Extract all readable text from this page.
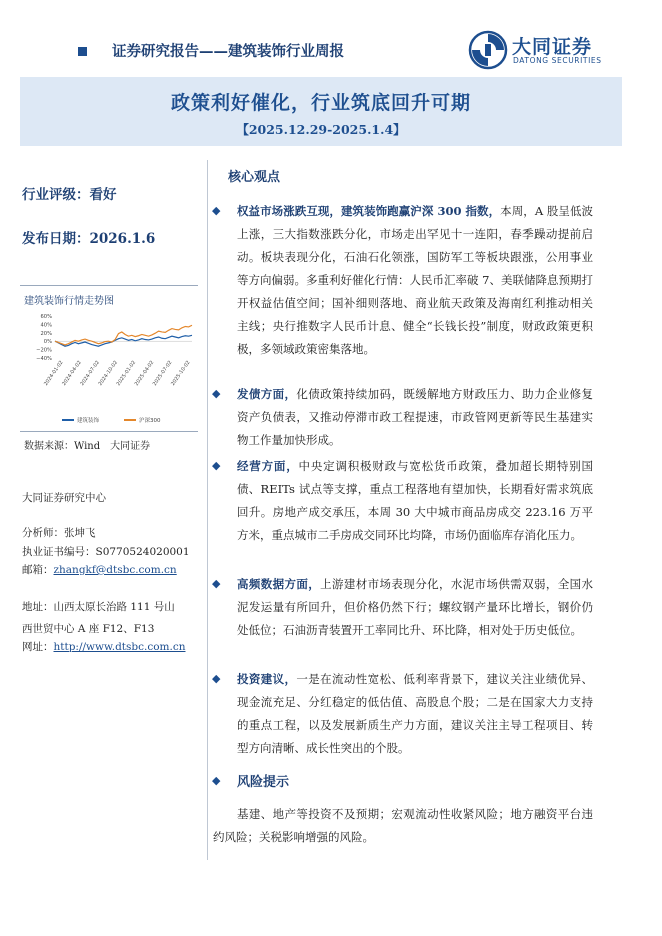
证券研究报告——建筑装饰行业周报	大同证券
DATONG SECURITIES
政策利好催化，行业筑底回升可期
【2025.12.29-2025.1.4】
行业评级：看好
发布日期：2026.1.6
建筑装饰行情走势图
60%
40%
20%
0%
−20%
−40%
2024-01-02
2024-04-02
2024-07-02
2024-10-02
2025-01-02
2025-04-02
2025-07-02
2025-10-02
建筑装饰	沪深300
数据来源：Wind　大同证券
大同证券研究中心
分析师：张坤飞
执业证书编号：S0770524020001
邮箱：zhangkf@dtsbc.com.cn
地址：山西太原长治路 111 号山
西世贸中心 A 座 F12、F13
网址：http://www.dtsbc.com.cn
核心观点
◆ 权益市场涨跌互现，建筑装饰跑赢沪深 300 指数，本周，A 股呈低波上涨，三大指数涨跌分化，市场走出罕见十一连阳，春季躁动提前启动。板块表现分化，石油石化领涨，国防军工等板块跟涨，公用事业等方向偏弱。多重利好催化行情：人民币汇率破 7、美联储降息预期打开权益估值空间；国补细则落地、商业航天政策及海南红利推动相关主线；央行推数字人民币计息、健全“长钱长投”制度，财政政策更积极，多领域政策密集落地。
◆ 发债方面，化债政策持续加码，既缓解地方财政压力、助力企业修复资产负债表，又推动停滞市政工程提速，市政管网更新等民生基建实物工作量加快形成。
◆ 经营方面，中央定调积极财政与宽松货币政策，叠加超长期特别国债、REITs 试点等支撑，重点工程落地有望加快，长期看好需求筑底回升。房地产成交承压，本周 30 大中城市商品房成交 223.16 万平方米，重点城市二手房成交同环比均降，市场仍面临库存消化压力。
◆ 高频数据方面，上游建材市场表现分化，水泥市场供需双弱，全国水泥发运量有所回升，但价格仍然下行；螺纹钢产量环比增长，钢价仍处低位；石油沥青装置开工率同比升、环比降，相对处于历史低位。
◆ 投资建议，一是在流动性宽松、低利率背景下，建议关注业绩优异、现金流充足、分红稳定的低估值、高股息个股；二是在国家大力支持的重点工程，以及发展新质生产力方面，建议关注主导工程项目、转型方向清晰、成长性突出的个股。
◆ 风险提示
基建、地产等投资不及预期；宏观流动性收紧风险；地方融资平台违约风险；关税影响增强的风险。
